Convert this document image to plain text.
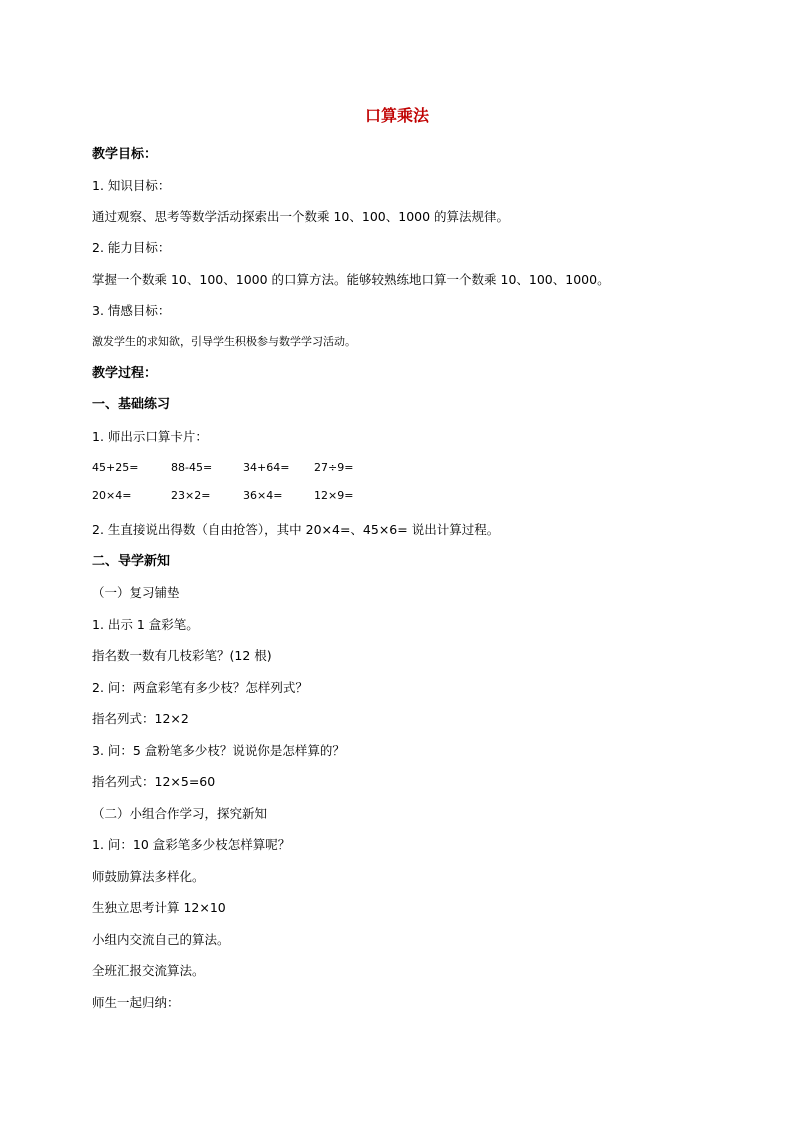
口算乘法
教学目标：
1. 知识目标：
通过观察、思考等数学活动探索出一个数乘 10、100、1000 的算法规律。
2. 能力目标：
掌握一个数乘 10、100、1000 的口算方法。能够较熟练地口算一个数乘 10、100、1000。
3. 情感目标：
激发学生的求知欲，引导学生积极参与数学学习活动。
教学过程：
一、基础练习
1. 师出示口算卡片：
45+25=	88-45=	34+64= 27÷9=
20×4=	23×2=	36×4=	12×9=
2. 生直接说出得数（自由抢答），其中 20×4=、45×6= 说出计算过程。
二、导学新知
（一）复习铺垫
1. 出示 1 盒彩笔。
指名数一数有几枝彩笔？(12 根)
2. 问：两盒彩笔有多少枝？怎样列式？
指名列式：12×2
3. 问：5 盒粉笔多少枝？说说你是怎样算的？
指名列式：12×5=60
（二）小组合作学习，探究新知
1. 问：10 盒彩笔多少枝怎样算呢？
师鼓励算法多样化。
生独立思考计算 12×10
小组内交流自己的算法。
全班汇报交流算法。
师生一起归纳：
